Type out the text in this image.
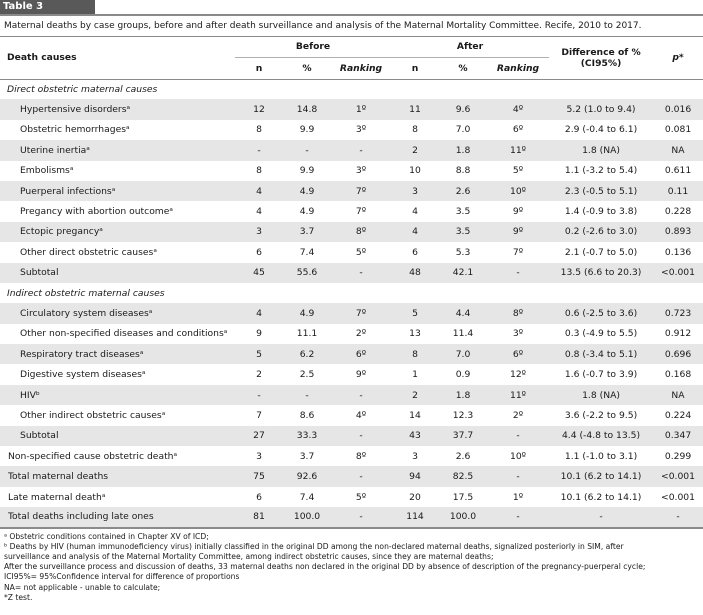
Table 3
Maternal deaths by case groups, before and after death surveillance and analysis of the Maternal Mortality Committee. Recife, 2010 to 2017.
Death causes	Before			After			Difference of %
(CI95%)	p*
	n	%	Ranking	n	%	Ranking		
Direct obstetric maternal causes								
Hypertensive disordersᵃ	12	14.8	1º	11	9.6	4º	5.2 (1.0 to 9.4)	0.016
Obstetric hemorrhagesᵃ	8	9.9	3º	8	7.0	6º	2.9 (-0.4 to 6.1)	0.081
Uterine inertiaᵃ	-	-	-	2	1.8	11º	1.8 (NA)	NA
Embolismsᵃ	8	9.9	3º	10	8.8	5º	1.1 (-3.2 to 5.4)	0.611
Puerperal infectionsᵃ	4	4.9	7º	3	2.6	10º	2.3 (-0.5 to 5.1)	0.11
Pregancy with abortion outcomeᵃ	4	4.9	7º	4	3.5	9º	1.4 (-0.9 to 3.8)	0.228
Ectopic pregancyᵃ	3	3.7	8º	4	3.5	9º	0.2 (-2.6 to 3.0)	0.893
Other direct obstetric causesᵃ	6	7.4	5º	6	5.3	7º	2.1 (-0.7 to 5.0)	0.136
Subtotal	45	55.6	-	48	42.1	-	13.5 (6.6 to 20.3)	<0.001
Indirect obstetric maternal causes								
Circulatory system diseasesᵃ	4	4.9	7º	5	4.4	8º	0.6 (-2.5 to 3.6)	0.723
Other non-specified diseases and conditionsᵃ	9	11.1	2º	13	11.4	3º	0.3 (-4.9 to 5.5)	0.912
Respiratory tract diseasesᵃ	5	6.2	6º	8	7.0	6º	0.8 (-3.4 to 5.1)	0.696
Digestive system diseasesᵃ	2	2.5	9º	1	0.9	12º	1.6 (-0.7 to 3.9)	0.168
HIVᵇ	-	-	-	2	1.8	11º	1.8 (NA)	NA
Other indirect obstetric causesᵃ	7	8.6	4º	14	12.3	2º	3.6 (-2.2 to 9.5)	0.224
Subtotal	27	33.3	-	43	37.7	-	4.4 (-4.8 to 13.5)	0.347
Non-specified cause obstetric deathᵃ	3	3.7	8º	3	2.6	10º	1.1 (-1.0 to 3.1)	0.299
Total maternal deaths	75	92.6	-	94	82.5	-	10.1 (6.2 to 14.1)	<0.001
Late maternal deathᵃ	6	7.4	5º	20	17.5	1º	10.1 (6.2 to 14.1)	<0.001
Total deaths including late ones	81	100.0	-	114	100.0	-	-	-
ᵃ Obstetric conditions contained in Chapter XV of ICD;
ᵇ Deaths by HIV (human immunodeficiency virus) initially classified in the original DD among the non-declared maternal deaths, signalized posteriorly in SIM, after
surveillance and analysis of the Maternal Mortality Committee, among indirect obstetric causes, since they are maternal deaths;
After the surveillance process and discussion of deaths, 33 maternal deaths non declared in the original DD by absence of description of the pregnancy-puerperal cycle;
ICI95%= 95%Confidence interval for difference of proportions
NA= not applicable - unable to calculate;
*Z test.
